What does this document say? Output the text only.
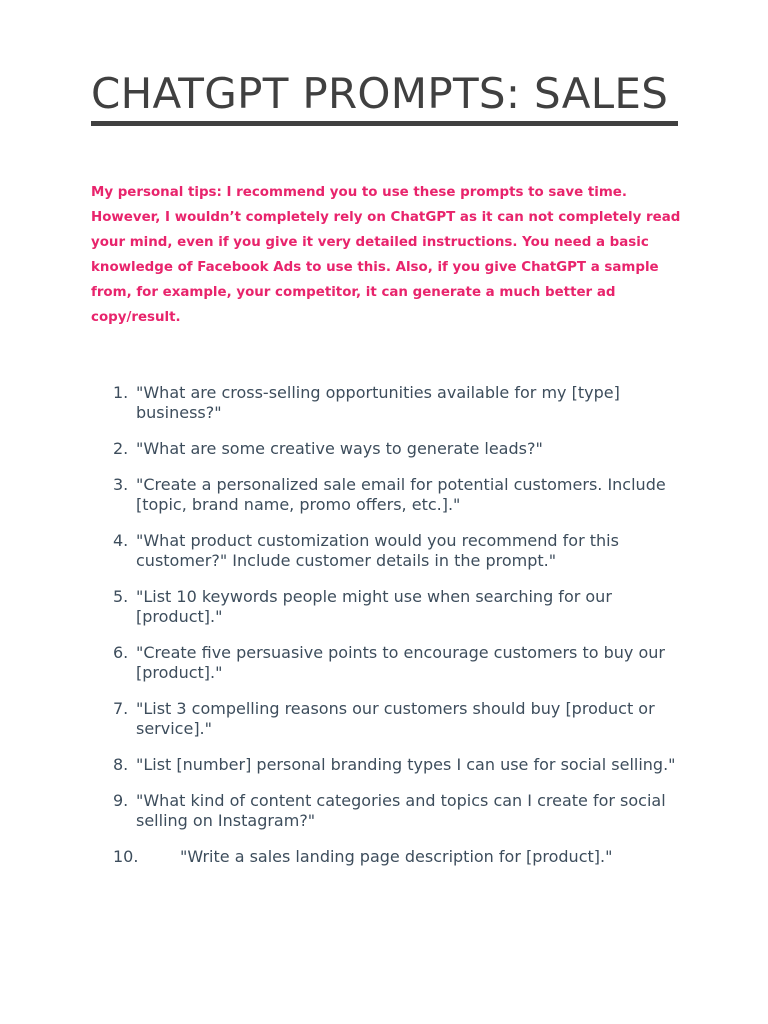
CHATGPT PROMPTS: SALES

My personal tips: I recommend you to use these prompts to save time. However, I wouldn’t completely rely on ChatGPT as it can not completely read your mind, even if you give it very detailed instructions. You need a basic knowledge of Facebook Ads to use this. Also, if you give ChatGPT a sample from, for example, your competitor, it can generate a much better ad copy/result.

1. "What are cross-selling opportunities available for my [type] business?"
2. "What are some creative ways to generate leads?"
3. "Create a personalized sale email for potential customers. Include [topic, brand name, promo offers, etc.]."
4. "What product customization would you recommend for this customer?" Include customer details in the prompt."
5. "List 10 keywords people might use when searching for our [product]."
6. "Create five persuasive points to encourage customers to buy our [product]."
7. "List 3 compelling reasons our customers should buy [product or service]."
8. "List [number] personal branding types I can use for social selling."
9. "What kind of content categories and topics can I create for social selling on Instagram?"
10.	"Write a sales landing page description for [product]."
